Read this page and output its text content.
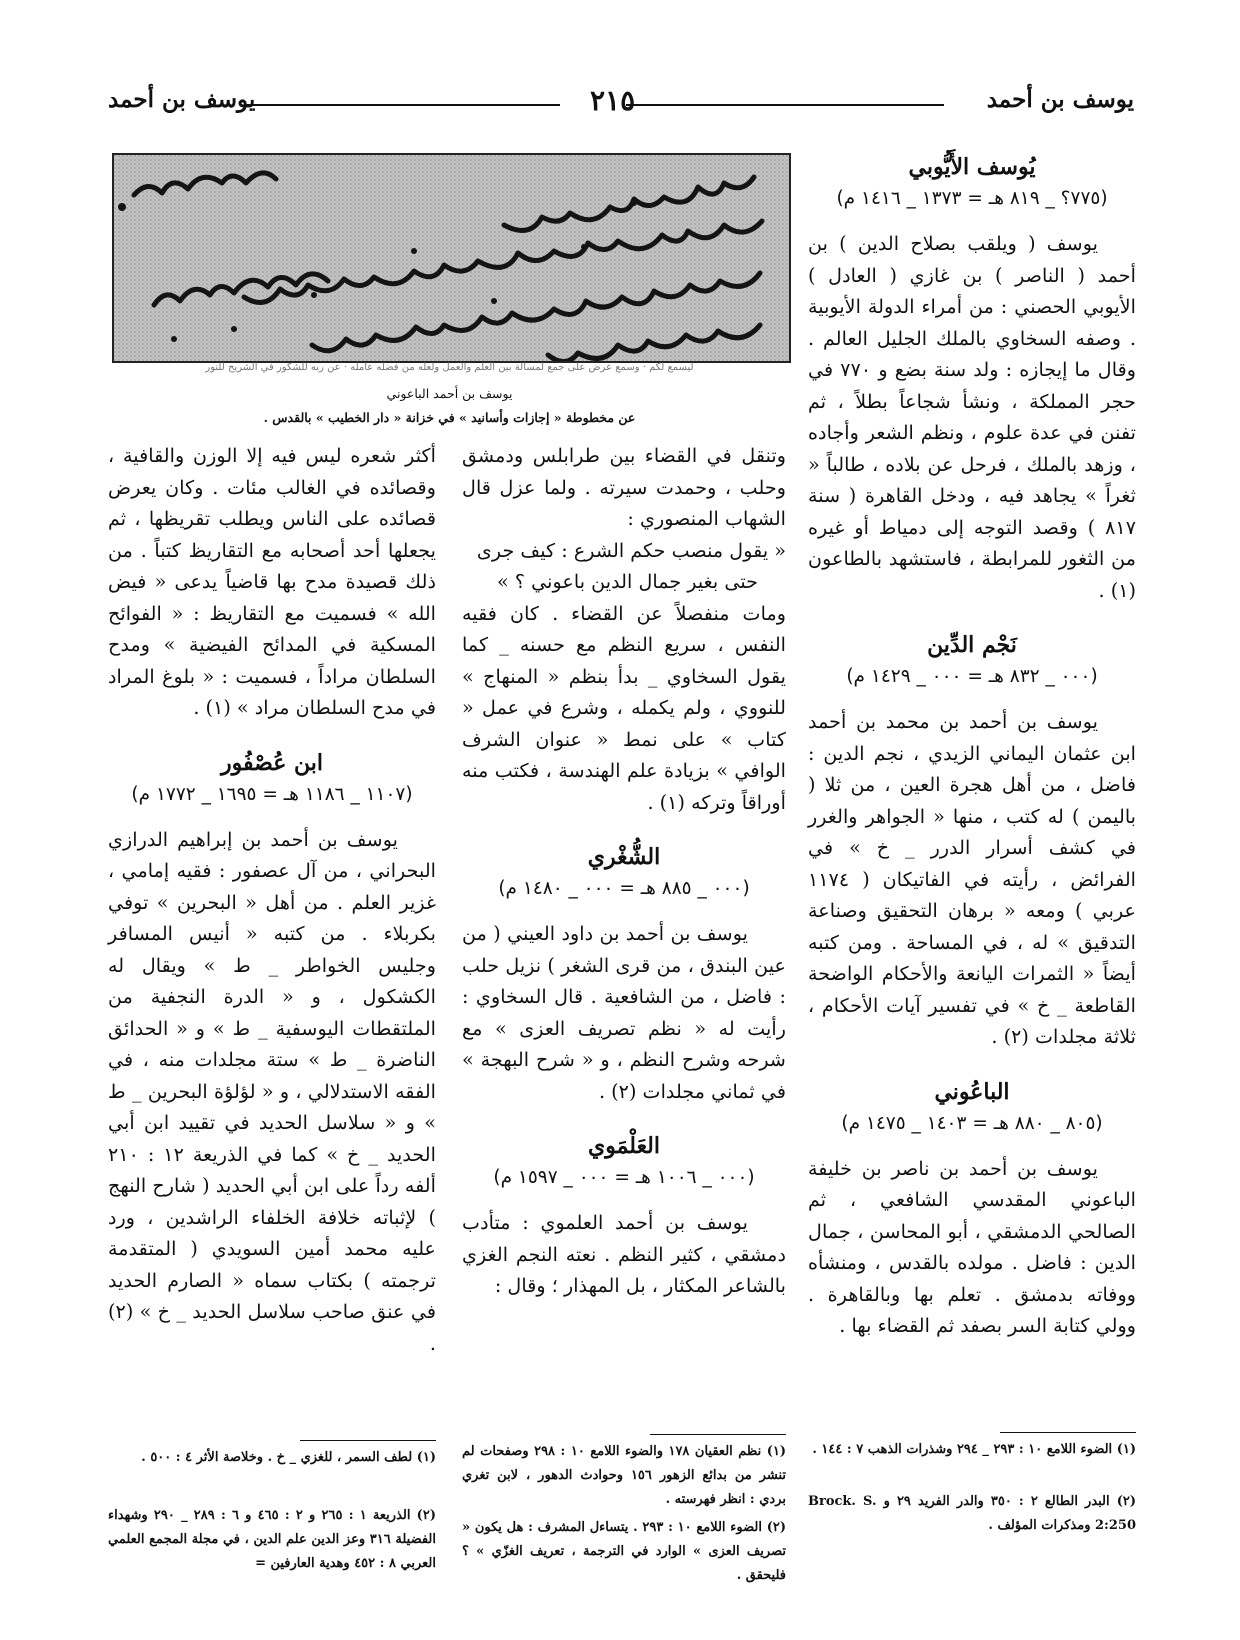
يوسف بن أحمد
٢١٥
يوسف بن أحمد
يوسف بن أحمد الباعوني
عن مخطوطة « إجازات وأسانيد » في خزانة « دار الخطيب » بالقدس .
يُوسف الأَيُّوبي
(٧٧٥؟ _ ٨١٩ هـ = ١٣٧٣ _ ١٤١٦ م)
يوسف ( ويلقب بصلاح الدين ) بن أحمد ( الناصر ) بن غازي ( العادل ) الأيوبي الحصني : من أمراء الدولة الأيوبية . وصفه السخاوي بالملك الجليل العالم . وقال ما إيجازه : ولد سنة بضع و ٧٧٠ في حجر المملكة ، ونشأ شجاعاً بطلاً ، ثم تفنن في عدة علوم ، ونظم الشعر وأجاده ، وزهد بالملك ، فرحل عن بلاده ، طالباً « ثغراً » يجاهد فيه ، ودخل القاهرة ( سنة ٨١٧ ) وقصد التوجه إلى دمياط أو غيره من الثغور للمرابطة ، فاستشهد بالطاعون (١) .
نَجْم الدِّين
(٠٠٠ _ ٨٣٢ هـ = ٠٠٠ _ ١٤٢٩ م)
يوسف بن أحمد بن محمد بن أحمد ابن عثمان اليماني الزيدي ، نجم الدين : فاضل ، من أهل هجرة العين ، من ثلا ( باليمن ) له كتب ، منها « الجواهر والغرر في كشف أسرار الدرر _ خ » في الفرائض ، رأيته في الفاتيكان ( ١١٧٤ عربي ) ومعه « برهان التحقيق وصناعة التدقيق » له ، في المساحة . ومن كتبه أيضاً « الثمرات اليانعة والأحكام الواضحة القاطعة _ خ » في تفسير آيات الأحكام ، ثلاثة مجلدات (٢) .
الباعُوني
(٨٠٥ _ ٨٨٠ هـ = ١٤٠٣ _ ١٤٧٥ م)
يوسف بن أحمد بن ناصر بن خليفة الباعوني المقدسي الشافعي ، ثم الصالحي الدمشقي ، أبو المحاسن ، جمال الدين : فاضل . مولده بالقدس ، ومنشأه ووفاته بدمشق . تعلم بها وبالقاهرة . وولي كتابة السر بصفد ثم القضاء بها .
وتنقل في القضاء بين طرابلس ودمشق وحلب ، وحمدت سيرته . ولما عزل قال الشهاب المنصوري :
« يقول منصب حكم الشرع : كيف جرى
حتى بغير جمال الدين باعوني ؟ »
ومات منفصلاً عن القضاء . كان فقيه النفس ، سريع النظم مع حسنه _ كما يقول السخاوي _ بدأ بنظم « المنهاج » للنووي ، ولم يكمله ، وشرع في عمل « كتاب » على نمط « عنوان الشرف الوافي » بزيادة علم الهندسة ، فكتب منه أوراقاً وتركه (١) .
الشُّغْري
(٠٠٠ _ ٨٨٥ هـ = ٠٠٠ _ ١٤٨٠ م)
يوسف بن أحمد بن داود العيني ( من عين البندق ، من قرى الشغر ) نزيل حلب : فاضل ، من الشافعية . قال السخاوي : رأيت له « نظم تصريف العزى » مع شرحه وشرح النظم ، و « شرح البهجة » في ثماني مجلدات (٢) .
العَلْمَوي
(٠٠٠ _ ١٠٠٦ هـ = ٠٠٠ _ ١٥٩٧ م)
يوسف بن أحمد العلموي : متأدب دمشقي ، كثير النظم . نعته النجم الغزي بالشاعر المكثار ، بل المهذار ؛ وقال :
أكثر شعره ليس فيه إلا الوزن والقافية ، وقصائده في الغالب مئات . وكان يعرض قصائده على الناس ويطلب تقريظها ، ثم يجعلها أحد أصحابه مع التقاريظ كتباً . من ذلك قصيدة مدح بها قاضياً يدعى « فيض الله » فسميت مع التقاريظ : « الفوائح المسكية في المدائح الفيضية » ومدح السلطان مراداً ، فسميت : « بلوغ المراد في مدح السلطان مراد » (١) .
ابن عُصْفُور
(١١٠٧ _ ١١٨٦ هـ = ١٦٩٥ _ ١٧٧٢ م)
يوسف بن أحمد بن إبراهيم الدرازي البحراني ، من آل عصفور : فقيه إمامي ، غزير العلم . من أهل « البحرين » توفي بكربلاء . من كتبه « أنيس المسافر وجليس الخواطر _ ط » ويقال له الكشكول ، و « الدرة النجفية من الملتقطات اليوسفية _ ط » و « الحدائق الناضرة _ ط » ستة مجلدات منه ، في الفقه الاستدلالي ، و « لؤلؤة البحرين _ ط » و « سلاسل الحديد في تقييد ابن أبي الحديد _ خ » كما في الذريعة ١٢ : ٢١٠ ألفه رداً على ابن أبي الحديد ( شارح النهج ) لإثباته خلافة الخلفاء الراشدين ، ورد عليه محمد أمين السويدي ( المتقدمة ترجمته ) بكتاب سماه « الصارم الحديد في عنق صاحب سلاسل الحديد _ خ » (٢) .
(١) الضوء اللامع ١٠ : ٢٩٣ _ ٢٩٤ وشذرات الذهب ٧ : ١٤٤ .
(٢) البدر الطالع ٢ : ٣٥٠ والدر الفريد ٢٩ و Brock. S. 2:250 ومذكرات المؤلف .
(١) نظم العقيان ١٧٨ والضوء اللامع ١٠ : ٢٩٨ وصفحات لم تنشر من بدائع الزهور ١٥٦ وحوادث الدهور ، لابن تغري بردي : انظر فهرسته .
(٢) الضوء اللامع ١٠ : ٢٩٣ . يتساءل المشرف : هل يكون « تصريف العزى » الوارد في الترجمة ، تعريف الغزّي » ؟ فليحقق .
(١) لطف السمر ، للغزي _ خ . وخلاصة الأثر ٤ : ٥٠٠ .
(٢) الذريعة ١ : ٢٦٥ و ٢ : ٤٦٥ و ٦ : ٢٨٩ _ ٢٩٠ وشهداء الفضيلة ٣١٦ وعز الدين علم الدين ، في مجلة المجمع العلمي العربي ٨ : ٤٥٢ وهدية العارفين =
ليسمع لكم · وسمع عرض على جمع لمسألة بين العلم والعمل ولعله من فضله عامله · عن ربه للشكور في الشريح للنور
